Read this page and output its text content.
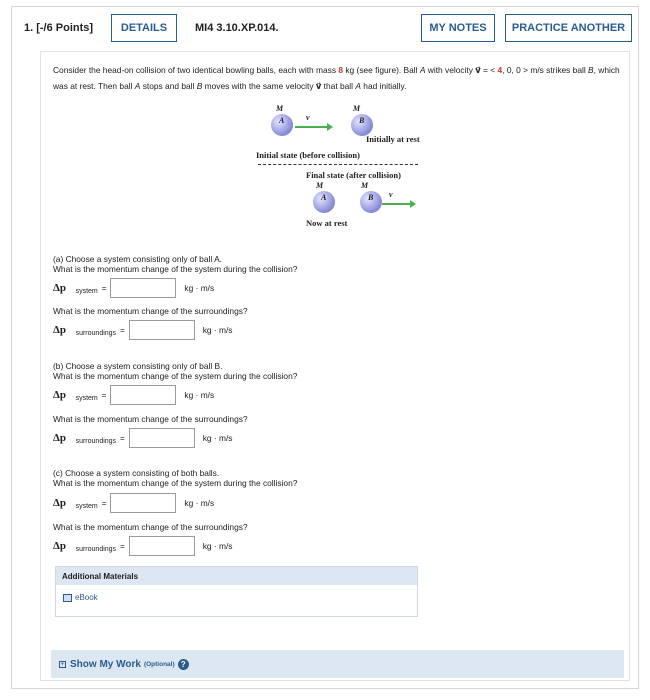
1. [-/6 Points]	DETAILS	MI4 3.10.XP.014.	MY NOTES	PRACTICE ANOTHER
Consider the head-on collision of two identical bowling balls, each with mass 8 kg (see figure). Ball A with velocity v⃗ = < 4, 0, 0 > m/s strikes ball B, which was at rest. Then ball A stops and ball B moves with the same velocity v⃗ that ball A had initially.
M	M
A	v⃗	B
Initially at rest
Initial state (before collision)
Final state (after collision)
M	M
A	B v⃗
Now at rest
(a) Choose a system consisting only of ball A.
What is the momentum change of the system during the collision?
Δp⃗ system =	kg · m/s
What is the momentum change of the surroundings?
Δp⃗ surroundings =	kg · m/s
(b) Choose a system consisting only of ball B.
What is the momentum change of the system during the collision?
Δp⃗ system =	kg · m/s
What is the momentum change of the surroundings?
Δp⃗ surroundings =	kg · m/s
(c) Choose a system consisting of both balls.
What is the momentum change of the system during the collision?
Δp⃗ system =	kg · m/s
What is the momentum change of the surroundings?
Δp⃗ surroundings =	kg · m/s
Additional Materials
eBook
+ Show My Work (Optional) ?
